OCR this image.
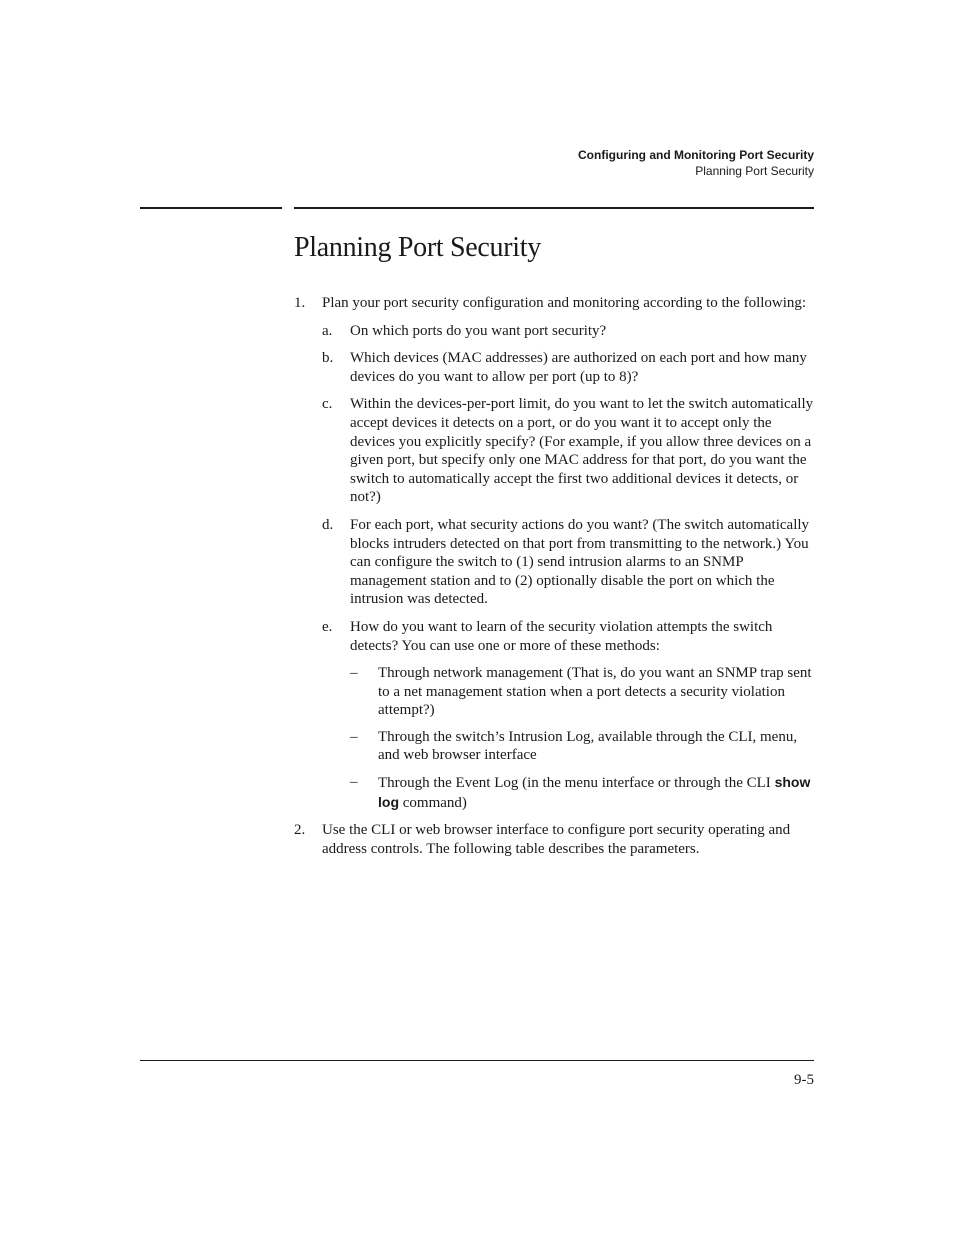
Configuring and Monitoring Port Security
Planning Port Security
Planning Port Security
1.	Plan your port security configuration and monitoring according to the following:
a.	On which ports do you want port security?
b.	Which devices (MAC addresses) are authorized on each port and how many devices do you want to allow per port (up to 8)?
c.	Within the devices-per-port limit, do you want to let the switch automatically accept devices it detects on a port, or do you want it to accept only the devices you explicitly specify? (For example, if you allow three devices on a given port, but specify only one MAC address for that port, do you want the switch to automatically accept the first two additional devices it detects, or not?)
d.	For each port, what security actions do you want? (The switch automatically blocks intruders detected on that port from transmitting to the network.) You can configure the switch to (1) send intrusion alarms to an SNMP management station and to (2) optionally disable the port on which the intrusion was detected.
e.	How do you want to learn of the security violation attempts the switch detects? You can use one or more of these methods:
–	Through network management (That is, do you want an SNMP trap sent to a net management station when a port detects a security violation attempt?)
–	Through the switch’s Intrusion Log, available through the CLI, menu, and web browser interface
–	Through the Event Log (in the menu interface or through the CLI show log command)
2.	Use the CLI or web browser interface to configure port security operating and address controls. The following table describes the parameters.
9-5
